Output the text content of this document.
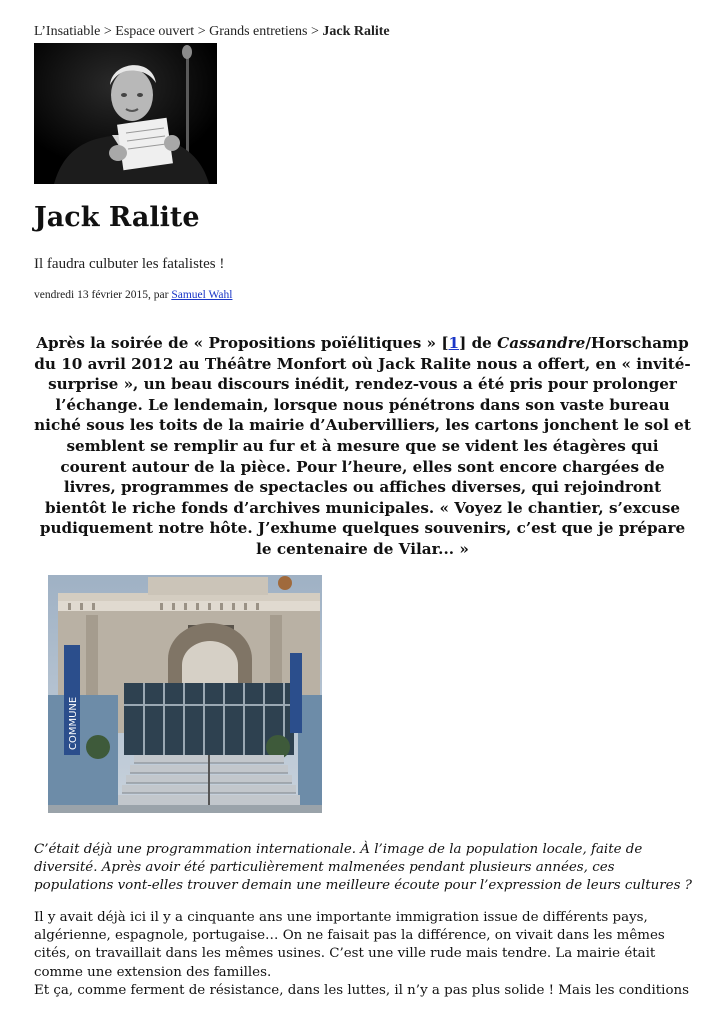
L’Insatiable > Espace ouvert > Grands entretiens > Jack Ralite
Jack Ralite
Il faudra culbuter les fatalistes !
vendredi 13 février 2015, par Samuel Wahl

Après la soirée de « Propositions poïélitiques » [1] de Cassandre/Horschamp du 10 avril 2012 au Théâtre Monfort où Jack Ralite nous a offert, en « invité-surprise », un beau discours inédit, rendez-vous a été pris pour prolonger l’échange. Le lendemain, lorsque nous pénétrons dans son vaste bureau niché sous les toits de la mairie d’Aubervilliers, les cartons jonchent le sol et semblent se remplir au fur et à mesure que se vident les étagères qui courent autour de la pièce. Pour l’heure, elles sont encore chargées de livres, programmes de spectacles ou affiches diverses, qui rejoindront bientôt le riche fonds d’archives municipales. « Voyez le chantier, s’excuse pudiquement notre hôte. J’exhume quelques souvenirs, c’est que je prépare le centenaire de Vilar... »

COMMUNE

C’était déjà une programmation internationale. À l’image de la population locale, faite de diversité. Après avoir été particulièrement malmenées pendant plusieurs années, ces populations vont-elles trouver demain une meilleure écoute pour l’expression de leurs cultures ?

Il y avait déjà ici il y a cinquante ans une importante immigration issue de différents pays, algérienne, espagnole, portugaise… On ne faisait pas la différence, on vivait dans les mêmes cités, on travaillait dans les mêmes usines. C’est une ville rude mais tendre. La mairie était comme une extension des familles.

Et ça, comme ferment de résistance, dans les luttes, il n’y a pas plus solide ! Mais les conditions
